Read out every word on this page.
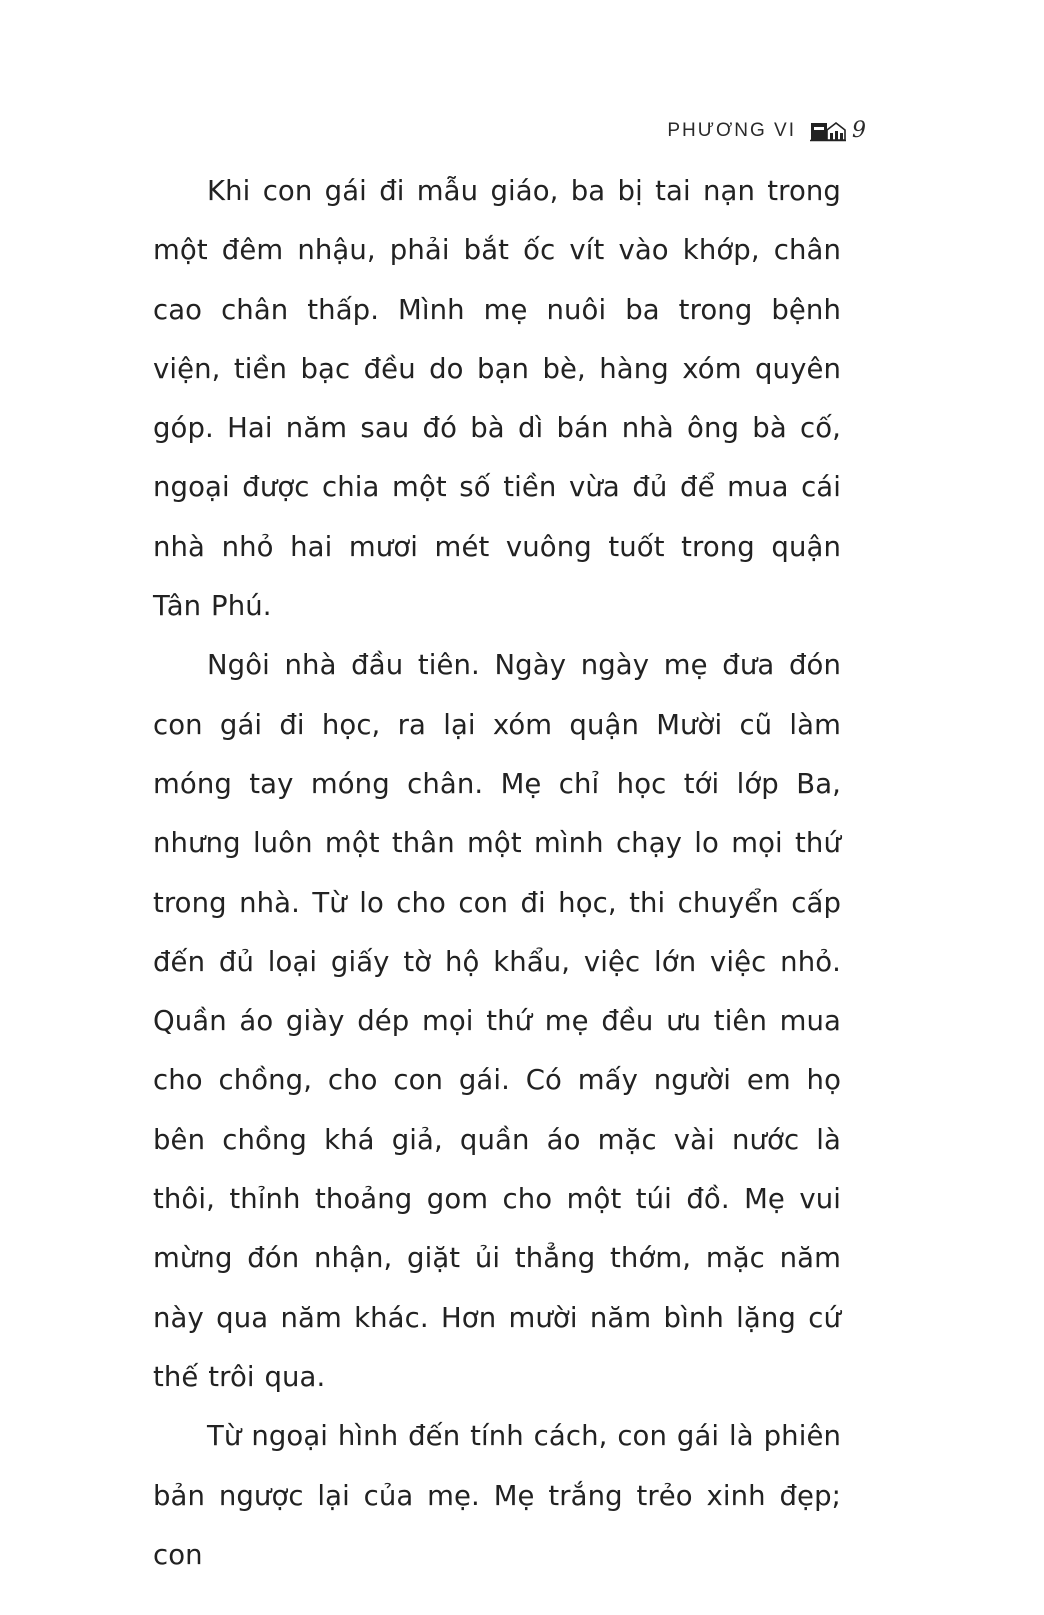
PHƯƠNG VI	9

Khi con gái đi mẫu giáo, ba bị tai nạn trong một đêm nhậu, phải bắt ốc vít vào khớp, chân cao chân thấp. Mình mẹ nuôi ba trong bệnh viện, tiền bạc đều do bạn bè, hàng xóm quyên góp. Hai năm sau đó bà dì bán nhà ông bà cố, ngoại được chia một số tiền vừa đủ để mua cái nhà nhỏ hai mươi mét vuông tuốt trong quận Tân Phú.

Ngôi nhà đầu tiên. Ngày ngày mẹ đưa đón con gái đi học, ra lại xóm quận Mười cũ làm móng tay móng chân. Mẹ chỉ học tới lớp Ba, nhưng luôn một thân một mình chạy lo mọi thứ trong nhà. Từ lo cho con đi học, thi chuyển cấp đến đủ loại giấy tờ hộ khẩu, việc lớn việc nhỏ. Quần áo giày dép mọi thứ mẹ đều ưu tiên mua cho chồng, cho con gái. Có mấy người em họ bên chồng khá giả, quần áo mặc vài nước là thôi, thỉnh thoảng gom cho một túi đồ. Mẹ vui mừng đón nhận, giặt ủi thẳng thớm, mặc năm này qua năm khác. Hơn mười năm bình lặng cứ thế trôi qua.

Từ ngoại hình đến tính cách, con gái là phiên bản ngược lại của mẹ. Mẹ trắng trẻo xinh đẹp; con
